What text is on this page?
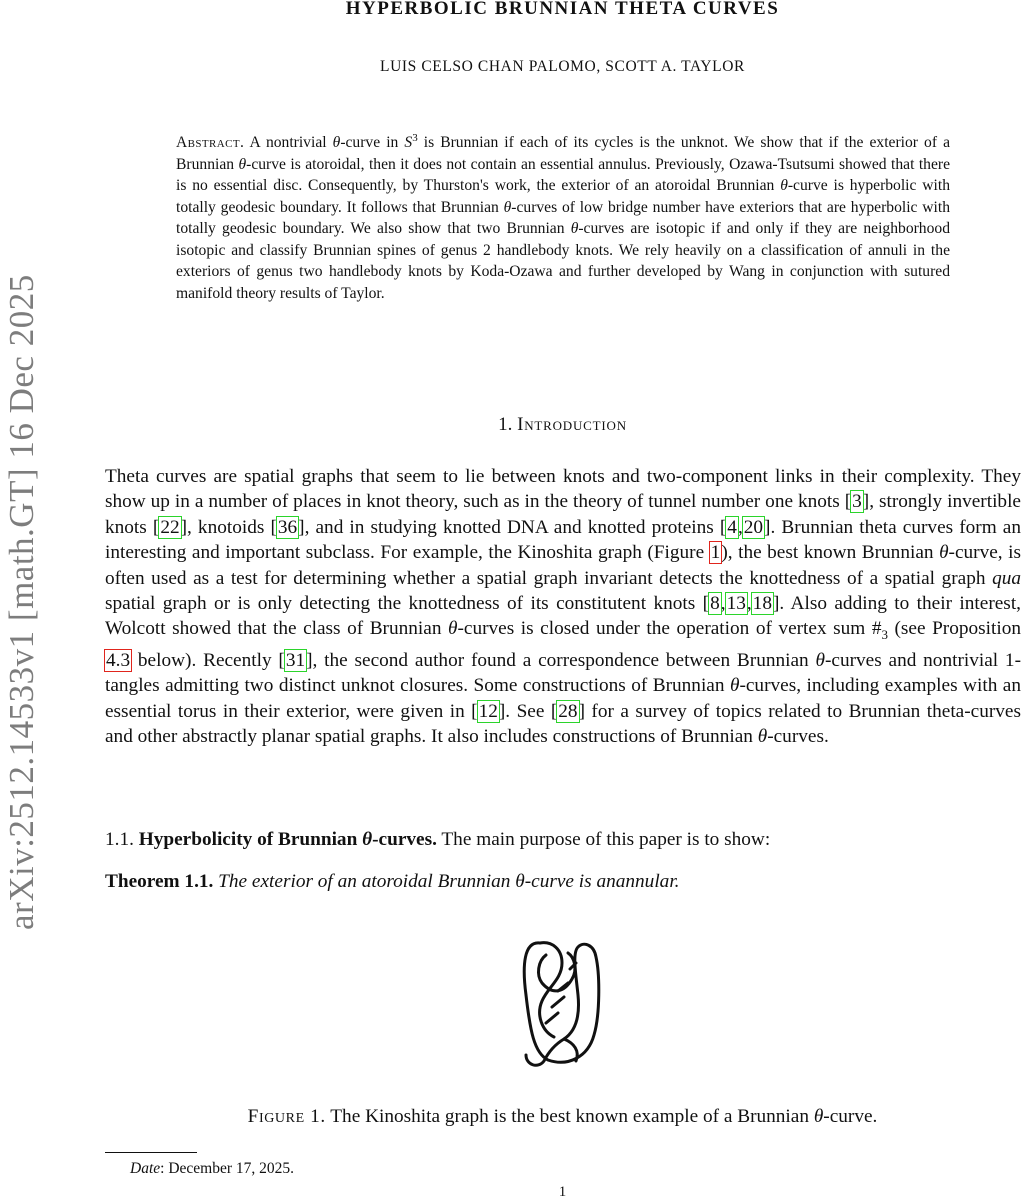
arXiv:2512.14533v1 [math.GT] 16 Dec 2025
HYPERBOLIC BRUNNIAN THETA CURVES
LUIS CELSO CHAN PALOMO, SCOTT A. TAYLOR
Abstract. A nontrivial θ-curve in $S^3$ is Brunnian if each of its cycles is the unknot. We show that if the exterior of a Brunnian θ-curve is atoroidal, then it does not contain an essential annulus. Previously, Ozawa-Tsutsumi showed that there is no essential disc. Consequently, by Thurston's work, the exterior of an atoroidal Brunnian θ-curve is hyperbolic with totally geodesic boundary. It follows that Brunnian θ-curves of low bridge number have exteriors that are hyperbolic with totally geodesic boundary. We also show that two Brunnian θ-curves are isotopic if and only if they are neighborhood isotopic and classify Brunnian spines of genus 2 handlebody knots. We rely heavily on a classification of annuli in the exteriors of genus two handlebody knots by Koda-Ozawa and further developed by Wang in conjunction with sutured manifold theory results of Taylor.
1. Introduction
Theta curves are spatial graphs that seem to lie between knots and two-component links in their complexity. They show up in a number of places in knot theory, such as in the theory of tunnel number one knots [3], strongly invertible knots [22], knotoids [36], and in studying knotted DNA and knotted proteins [4,20]. Brunnian theta curves form an interesting and important subclass. For example, the Kinoshita graph (Figure 1), the best known Brunnian θ-curve, is often used as a test for determining whether a spatial graph invariant detects the knottedness of a spatial graph qua spatial graph or is only detecting the knottedness of its constitutent knots [8,13,18]. Also adding to their interest, Wolcott showed that the class of Brunnian θ-curves is closed under the operation of vertex sum $\#_3$ (see Proposition 4.3 below). Recently [31], the second author found a correspondence between Brunnian θ-curves and nontrivial 1-tangles admitting two distinct unknot closures. Some constructions of Brunnian θ-curves, including examples with an essential torus in their exterior, were given in [12]. See [28] for a survey of topics related to Brunnian theta-curves and other abstractly planar spatial graphs. It also includes constructions of Brunnian θ-curves.
1.1. Hyperbolicity of Brunnian θ-curves. The main purpose of this paper is to show:
Theorem 1.1. The exterior of an atoroidal Brunnian θ-curve is anannular.
Figure 1. The Kinoshita graph is the best known example of a Brunnian θ-curve.
Date: December 17, 2025.
1
